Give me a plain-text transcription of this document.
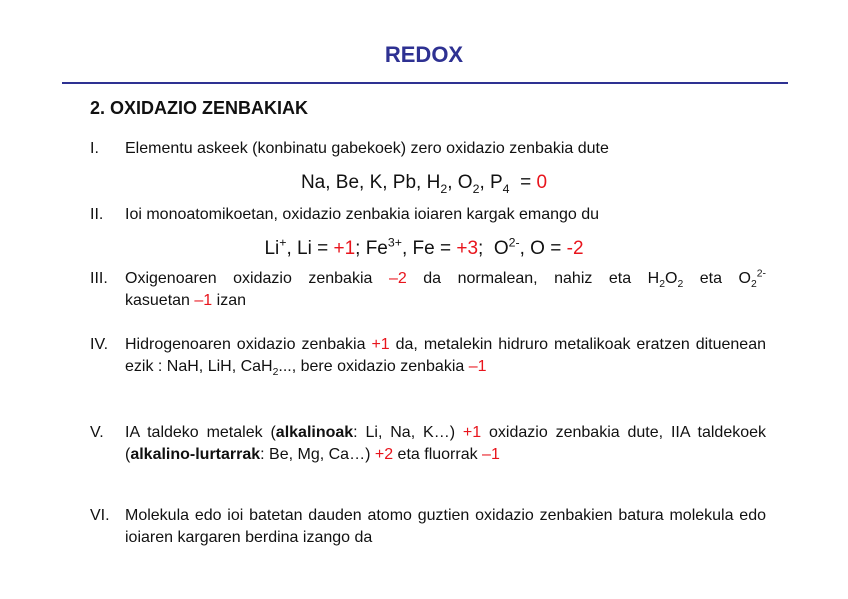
REDOX
2. OXIDAZIO ZENBAKIAK
I. Elementu askeek (konbinatu gabekoek) zero oxidazio zenbakia dute
Na, Be, K, Pb, $H_2$, $O_2$, $P_4 = 0$
II. Ioi monoatomikoetan, oxidazio zenbakia ioiaren kargak emango du
Li+, Li = +1; $Fe^{3+}$, Fe = +3;  $O^{2-}$, O = -2
III. Oxigenoaren oxidazio zenbakia –2 da normalean, nahiz eta $H_2O_2$ eta $O_2^{2-}$
kasuetan –1 izan
IV. Hidrogenoaren oxidazio zenbakia +1 da, metalekin hidruro metalikoak eratzen dituenean ezik : NaH, LiH, CaH$_2$..., bere oxidazio zenbakia –1
V. IA taldeko metalek (alkalinoak: Li, Na, K…) +1 oxidazio zenbakia dute, IIA taldekoek (alkalino-lurtarrak: Be, Mg, Ca…) +2 eta fluorrak –1
VI. Molekula edo ioi batetan dauden atomo guztien oxidazio zenbakien batura molekula edo ioiaren kargaren berdina izango da
